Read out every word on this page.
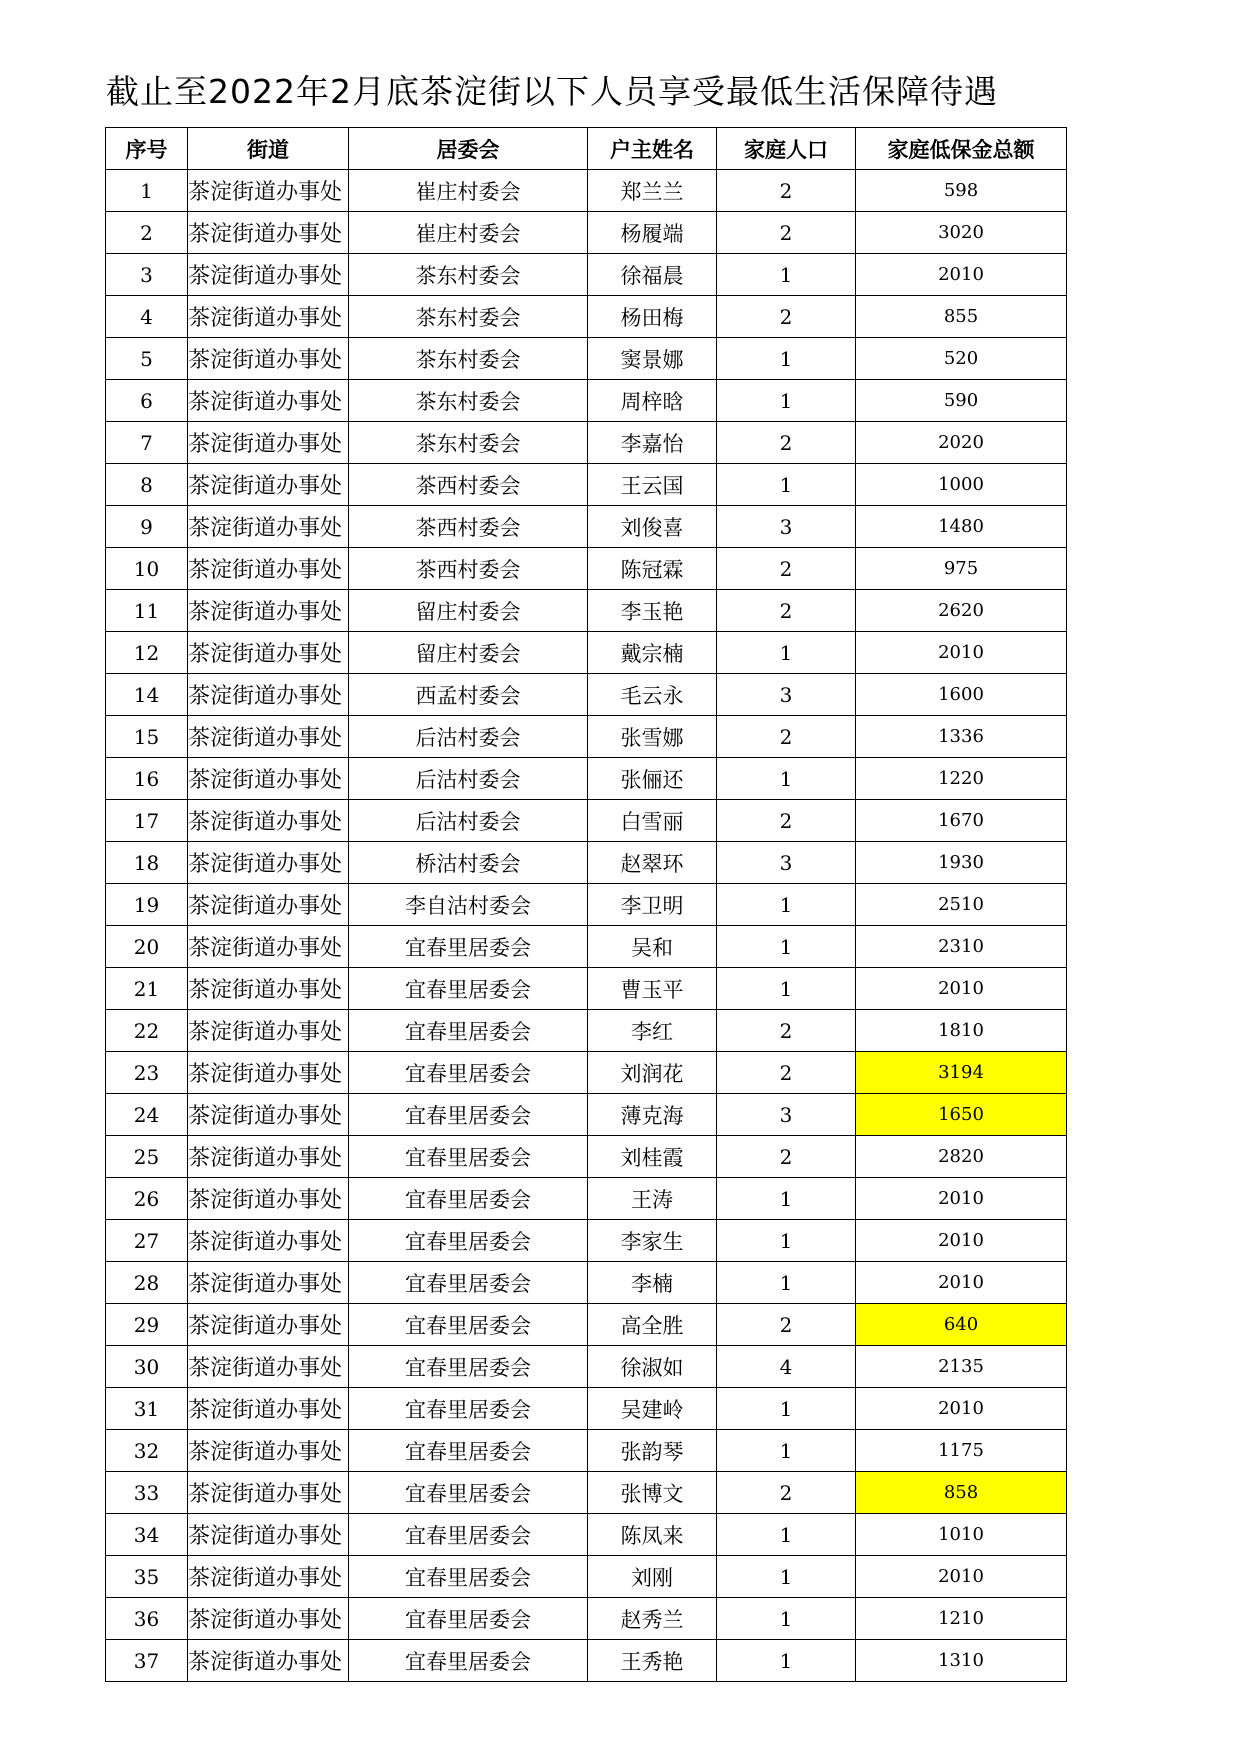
截止至2022年2月底茶淀街以下人员享受最低生活保障待遇
序号	街道	居委会	户主姓名	家庭人口	家庭低保金总额
1	茶淀街道办事处	崔庄村委会	郑兰兰	2	598
2	茶淀街道办事处	崔庄村委会	杨履端	2	3020
3	茶淀街道办事处	茶东村委会	徐福晨	1	2010
4	茶淀街道办事处	茶东村委会	杨田梅	2	855
5	茶淀街道办事处	茶东村委会	窦景娜	1	520
6	茶淀街道办事处	茶东村委会	周梓晗	1	590
7	茶淀街道办事处	茶东村委会	李嘉怡	2	2020
8	茶淀街道办事处	茶西村委会	王云国	1	1000
9	茶淀街道办事处	茶西村委会	刘俊喜	3	1480
10	茶淀街道办事处	茶西村委会	陈冠霖	2	975
11	茶淀街道办事处	留庄村委会	李玉艳	2	2620
12	茶淀街道办事处	留庄村委会	戴宗楠	1	2010
14	茶淀街道办事处	西孟村委会	毛云永	3	1600
15	茶淀街道办事处	后沽村委会	张雪娜	2	1336
16	茶淀街道办事处	后沽村委会	张俪还	1	1220
17	茶淀街道办事处	后沽村委会	白雪丽	2	1670
18	茶淀街道办事处	桥沽村委会	赵翠环	3	1930
19	茶淀街道办事处	李自沽村委会	李卫明	1	2510
20	茶淀街道办事处	宜春里居委会	吴和	1	2310
21	茶淀街道办事处	宜春里居委会	曹玉平	1	2010
22	茶淀街道办事处	宜春里居委会	李红	2	1810
23	茶淀街道办事处	宜春里居委会	刘润花	2	3194
24	茶淀街道办事处	宜春里居委会	薄克海	3	1650
25	茶淀街道办事处	宜春里居委会	刘桂霞	2	2820
26	茶淀街道办事处	宜春里居委会	王涛	1	2010
27	茶淀街道办事处	宜春里居委会	李家生	1	2010
28	茶淀街道办事处	宜春里居委会	李楠	1	2010
29	茶淀街道办事处	宜春里居委会	高全胜	2	640
30	茶淀街道办事处	宜春里居委会	徐淑如	4	2135
31	茶淀街道办事处	宜春里居委会	吴建岭	1	2010
32	茶淀街道办事处	宜春里居委会	张韵琴	1	1175
33	茶淀街道办事处	宜春里居委会	张博文	2	858
34	茶淀街道办事处	宜春里居委会	陈凤来	1	1010
35	茶淀街道办事处	宜春里居委会	刘刚	1	2010
36	茶淀街道办事处	宜春里居委会	赵秀兰	1	1210
37	茶淀街道办事处	宜春里居委会	王秀艳	1	1310
